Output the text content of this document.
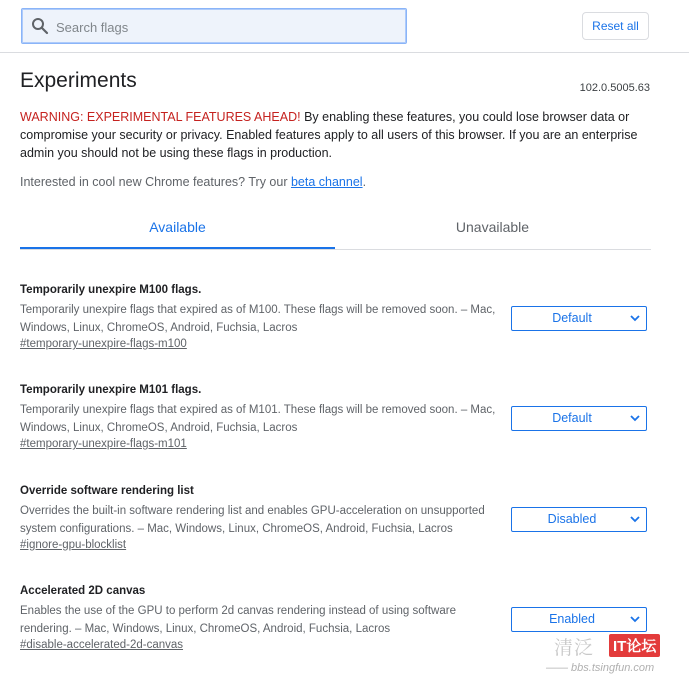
Search flags
Reset all
Experiments	102.0.5005.63

WARNING: EXPERIMENTAL FEATURES AHEAD! By enabling these features, you could lose browser data or compromise your security or privacy. Enabled features apply to all users of this browser. If you are an enterprise admin you should not be using these flags in production.

Interested in cool new Chrome features? Try our beta channel.

Available	Unavailable

Temporarily unexpire M100 flags.

Temporarily unexpire flags that expired as of M100. These flags will be removed soon. – Mac, Windows, Linux, ChromeOS, Android, Fuchsia, Lacros

#temporary-unexpire-flags-m100
Default

Temporarily unexpire M101 flags.

Temporarily unexpire flags that expired as of M101. These flags will be removed soon. – Mac, Windows, Linux, ChromeOS, Android, Fuchsia, Lacros

#temporary-unexpire-flags-m101
Default

Override software rendering list

Overrides the built-in software rendering list and enables GPU-acceleration on unsupported system configurations. – Mac, Windows, Linux, ChromeOS, Android, Fuchsia, Lacros

#ignore-gpu-blocklist
Disabled

Accelerated 2D canvas

Enables the use of the GPU to perform 2d canvas rendering instead of using software rendering. – Mac, Windows, Linux, ChromeOS, Android, Fuchsia, Lacros

#disable-accelerated-2d-canvas
Enabled
清泛 IT论坛
—— bbs.tsingfun.com
